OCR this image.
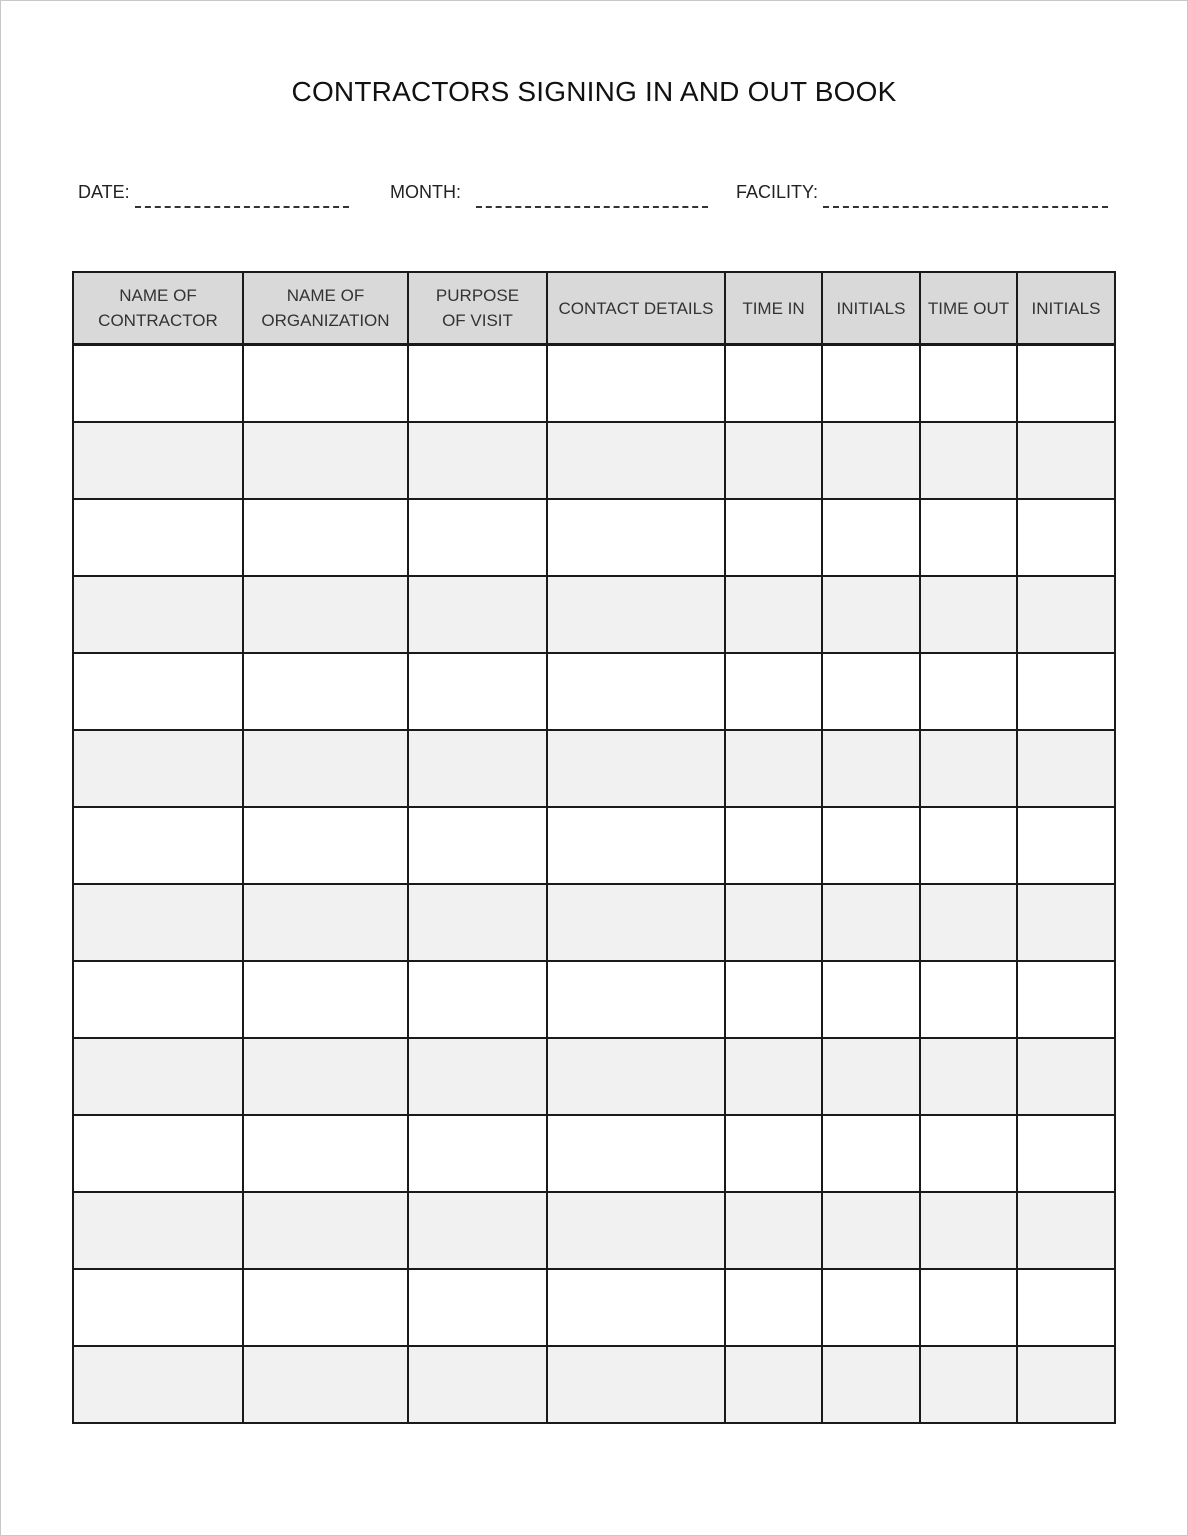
CONTRACTORS SIGNING IN AND OUT BOOK
DATE:	MONTH:	FACILITY:
NAME OF CONTRACTOR	NAME OF ORGANIZATION	PURPOSE OF VISIT	CONTACT DETAILS	TIME IN	INITIALS	TIME OUT	INITIALS
